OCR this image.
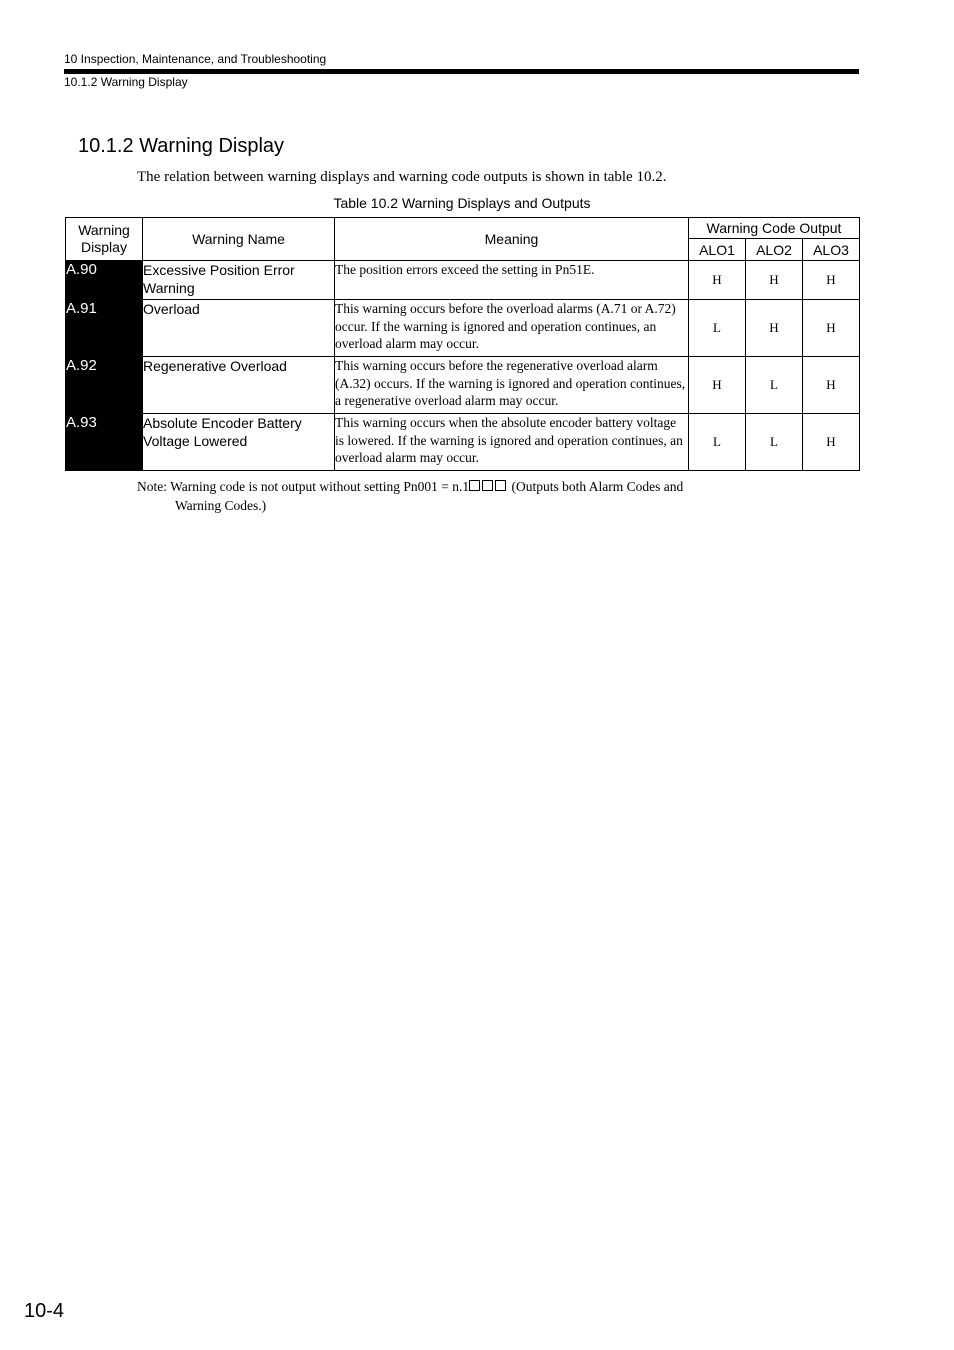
10 Inspection, Maintenance, and Troubleshooting
10.1.2 Warning Display
10.1.2 Warning Display
The relation between warning displays and warning code outputs is shown in table 10.2.
Table 10.2 Warning Displays and Outputs
Warning Display	Warning Name	Meaning	Warning Code Output		
			ALO1	ALO2	ALO3
A.90	Excessive Position Error Warning	The position errors exceed the setting in Pn51E.	H	H	H
A.91	Overload	This warning occurs before the overload alarms (A.71 or A.72) occur. If the warning is ignored and operation continues, an overload alarm may occur.	L	H	H
A.92	Regenerative Overload	This warning occurs before the regenerative overload alarm (A.32) occurs. If the warning is ignored and operation continues, a regenerative overload alarm may occur.	H	L	H
A.93	Absolute Encoder Battery Voltage Lowered	This warning occurs when the absolute encoder battery voltage is lowered. If the warning is ignored and operation continues, an overload alarm may occur.	L	L	H
Note: Warning code is not output without setting Pn001 = n.1	(Outputs both Alarm Codes and
Warning Codes.)
10-4
